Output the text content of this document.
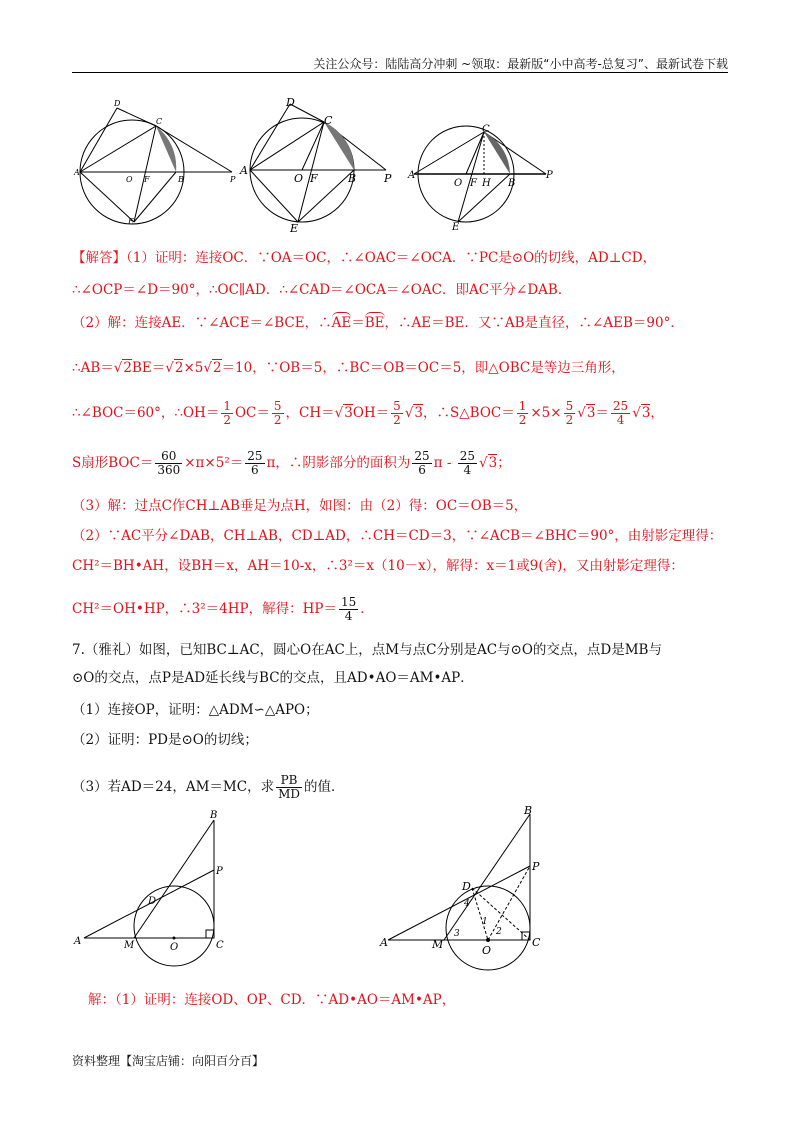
关注公众号：陆陆高分冲刺 ~领取：最新版“小中高考-总复习”、最新试卷下载
D
C
A
O F	B	P
E
D
C
A
O F	B	P
E
C
A
O F H B
P
E
【解答】（1）证明：连接OC．∵OA＝OC，∴∠OAC＝∠OCA．∵PC是⊙O的切线，AD⊥CD，
∴∠OCP＝∠D＝90°，∴OC∥AD．∴∠CAD＝∠OCA＝∠OAC．即AC平分∠DAB．
（2）解：连接AE．∵∠ACE＝∠BCE，∴AE＝BE，∴AE＝BE．又∵AB是直径，∴∠AEB＝90°．
∴AB＝√2BE＝√2×5√2＝10，∵OB＝5，∴BC＝OB＝OC＝5，即△OBC是等边三角形，
∴∠BOC＝60°，∴OH＝ $\frac{1}{2} OC= \frac{5}{2}$ ，$CH=√3OH= \frac{5}{2} √3$，∴S△BOC＝ $\frac{1}{2} \times 5\times \frac{5}{2} √3= \frac{25}{4} √3$，
S扇形$BOC= \frac{60}{360} \times\pi\times 5^2= \frac{25}{6}$ π，∴阴影部分的面积为 $\frac{25}{6}$ π - $\frac{25}{4} √3$；
（3）解：过点C作CH⊥AB垂足为点H，如图：由（2）得：OC＝OB＝5，
（2）∵AC平分∠DAB，CH⊥AB，CD⊥AD，∴CH＝CD＝3，∵∠ACB＝∠BHC＝90°，由射影定理得：
CH²＝BH•AH，设BH＝x，AH＝10-x，∴3²＝x（10－x），解得：x＝1或9(舍)，又由射影定理得：
CH²＝OH•HP，∴3²＝4HP，解得：$HP= \frac{15}{4}$ ．
7.（雅礼）如图，已知BC⊥AC，圆心O在AC上，点M与点C分别是AC与⊙O的交点，点D是MB与
⊙O的交点，点P是AD延长线与BC的交点，且AD•AO＝AM•AP．
（1）连接OP，证明：△ADM∽△APO；
（2）证明：PD是⊙O的切线；
（3）若AD＝24，AM＝MC，求 $\frac{PB}{MD}$ 的值．
B
P
D
A	M	O	C
B
P
D
4
1
3	2
A	M	O
C
解：（1）证明：连接OD、OP、CD．∵AD•AO＝AM•AP，
资料整理【淘宝店铺：向阳百分百】
